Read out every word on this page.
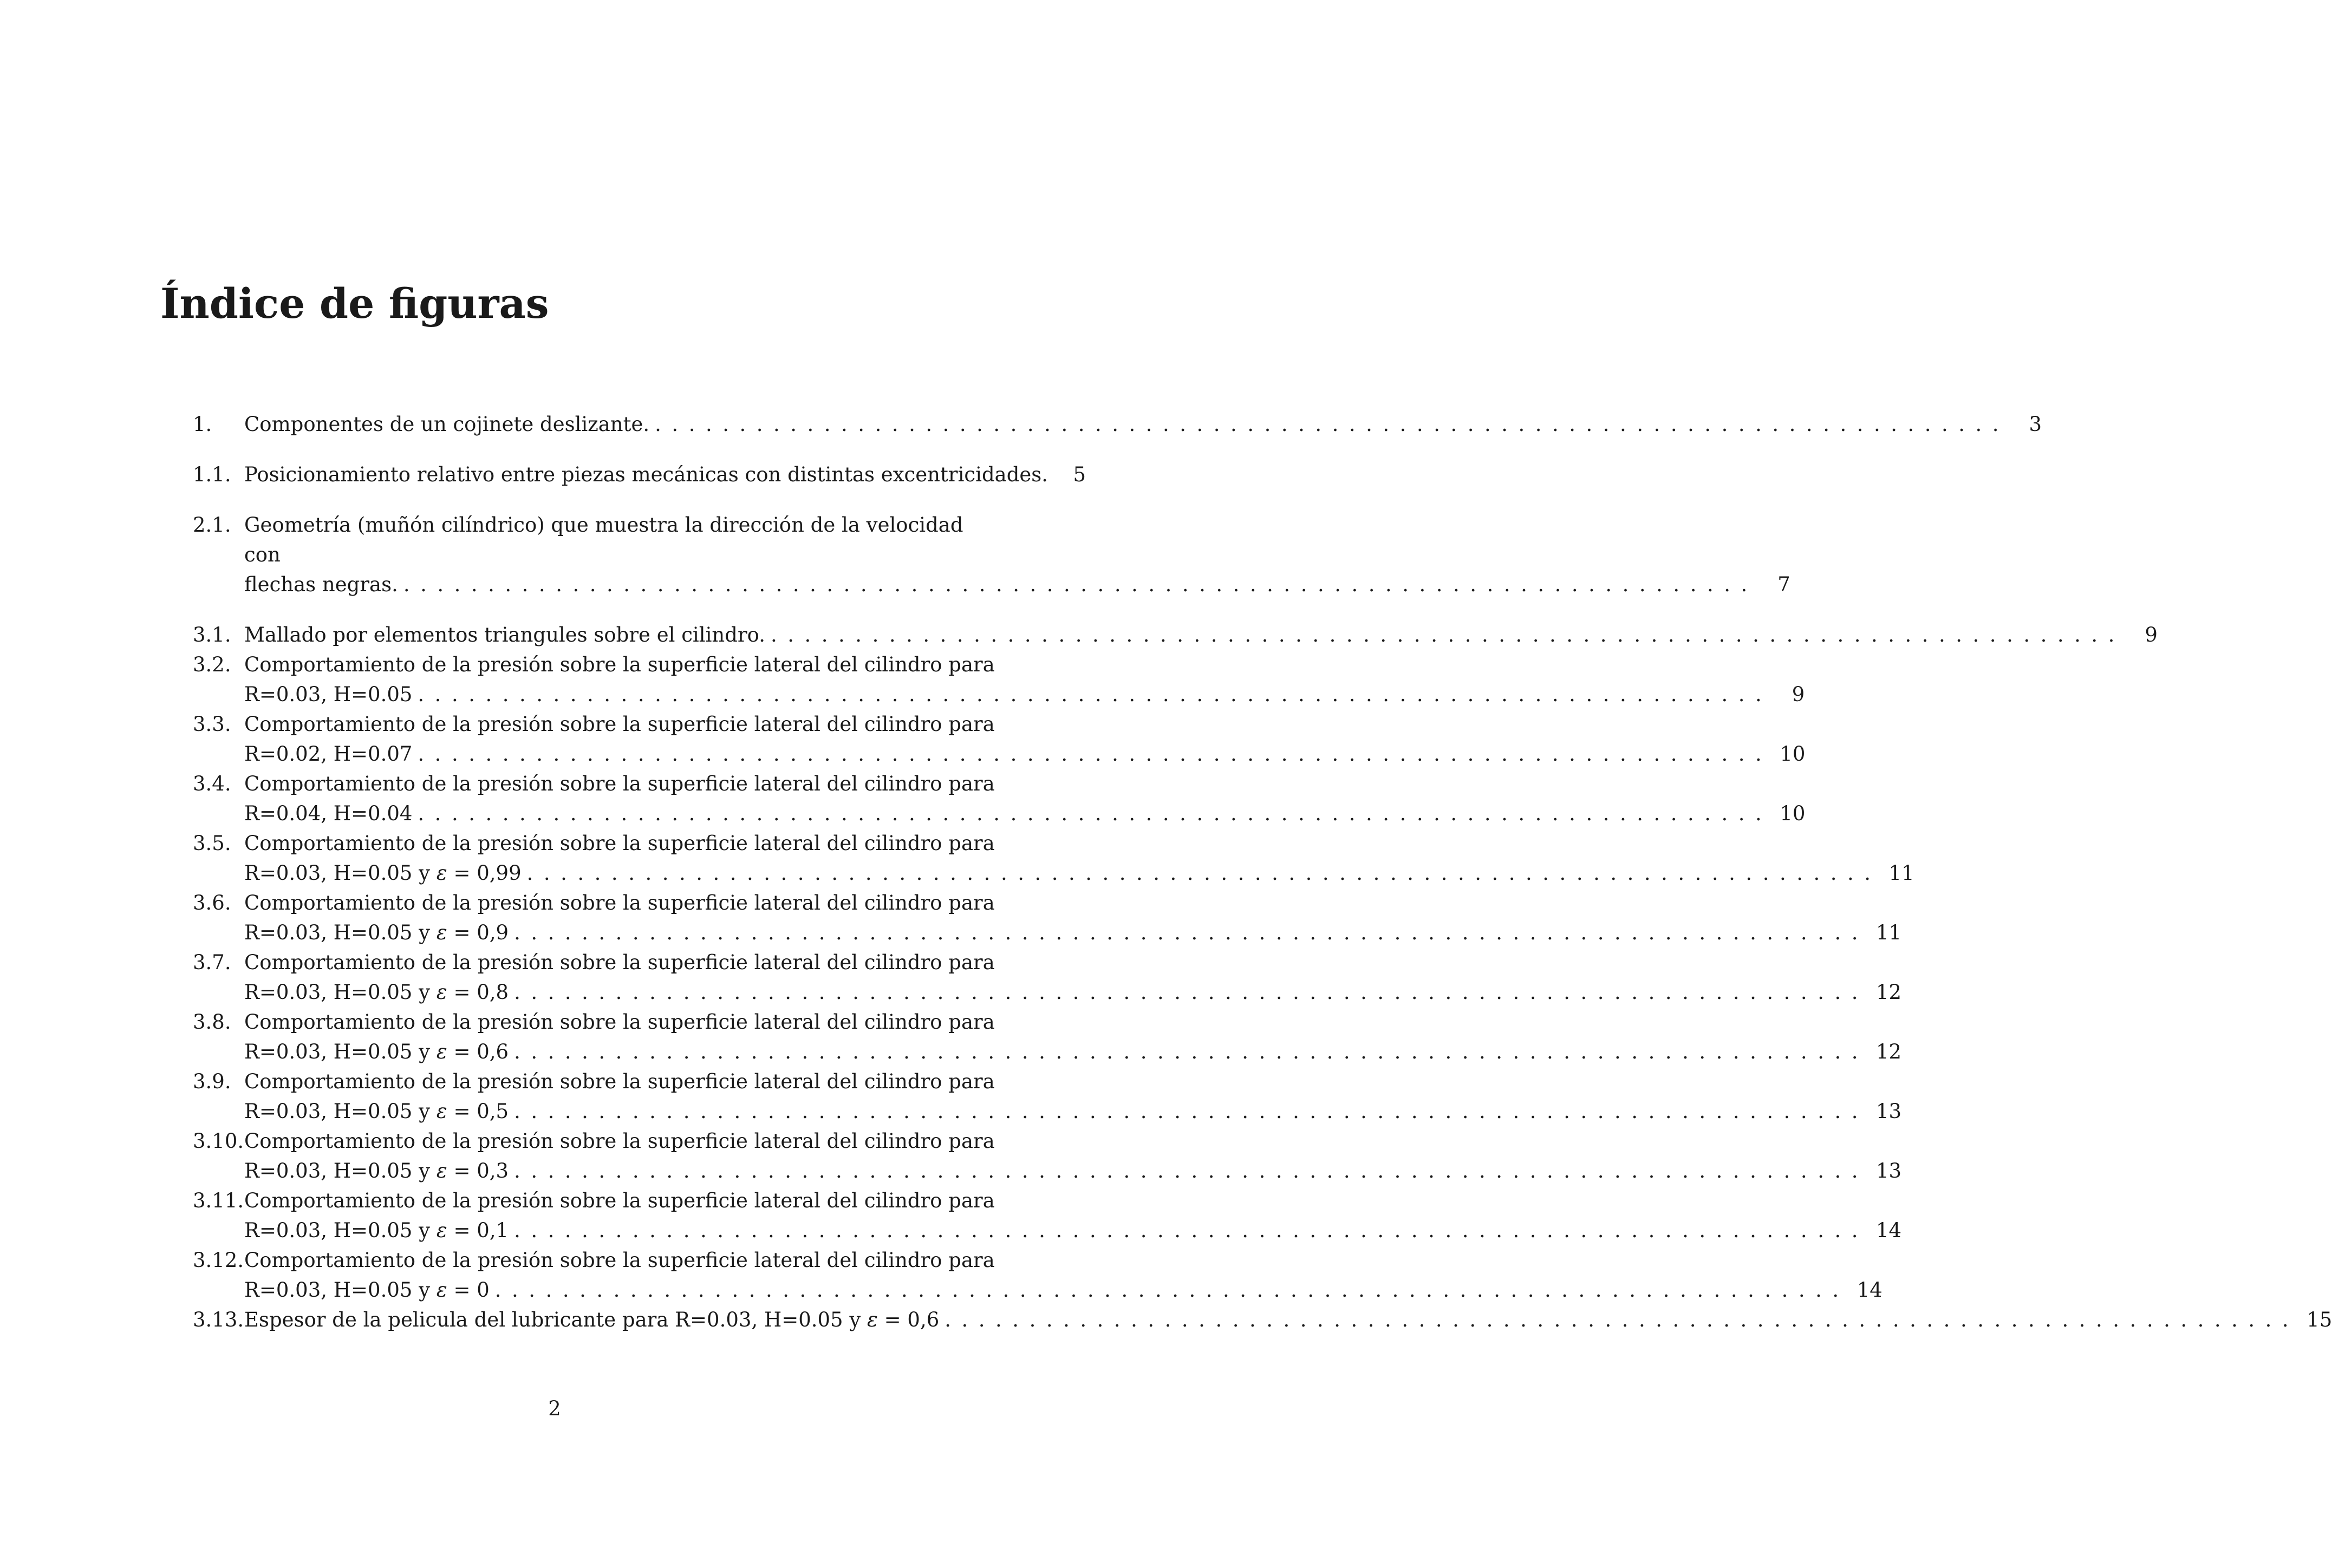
Índice de figuras
1. Componentes de un cojinete deslizante. ................................................................................ 3
1.1. Posicionamiento relativo entre piezas mecánicas con distintas excentricidades.	5
2.1. Geometría (muñón cilíndrico) que muestra la dirección de la velocidad con
flechas negras. ................................................................................ 7
3.1. Mallado por elementos triangules sobre el cilindro. ................................................................................ 9
3.2. Comportamiento de la presión sobre la superficie lateral del cilindro para
R=0.03, H=0.05 ................................................................................ 9
3.3. Comportamiento de la presión sobre la superficie lateral del cilindro para
R=0.02, H=0.07 ................................................................................ 10
3.4. Comportamiento de la presión sobre la superficie lateral del cilindro para
R=0.04, H=0.04 ................................................................................ 10
3.5. Comportamiento de la presión sobre la superficie lateral del cilindro para
R=0.03, H=0.05 y ε
= 0,99 ................................................................................ 11
3.6. Comportamiento de la presión sobre la superficie lateral del cilindro para
R=0.03, H=0.05 y ε
= 0,9 ................................................................................ 11
3.7. Comportamiento de la presión sobre la superficie lateral del cilindro para
R=0.03, H=0.05 y ε
= 0,8 ................................................................................ 12
3.8. Comportamiento de la presión sobre la superficie lateral del cilindro para
R=0.03, H=0.05 y ε
= 0,6 ................................................................................ 12
3.9. Comportamiento de la presión sobre la superficie lateral del cilindro para
R=0.03, H=0.05 y ε
= 0,5 ................................................................................ 13
3.10. Comportamiento de la presión sobre la superficie lateral del cilindro para
R=0.03, H=0.05 y ε
= 0,3 ................................................................................ 13
3.11. Comportamiento de la presión sobre la superficie lateral del cilindro para
R=0.03, H=0.05 y ε
= 0,1 ................................................................................ 14
3.12. Comportamiento de la presión sobre la superficie lateral del cilindro para
R=0.03, H=0.05 y ε
= 0 ................................................................................ 14
3.13. Espesor de la pelicula del lubricante para R=0.03, H=0.05 y ε
= 0,6 ................................................................................ 15
2
